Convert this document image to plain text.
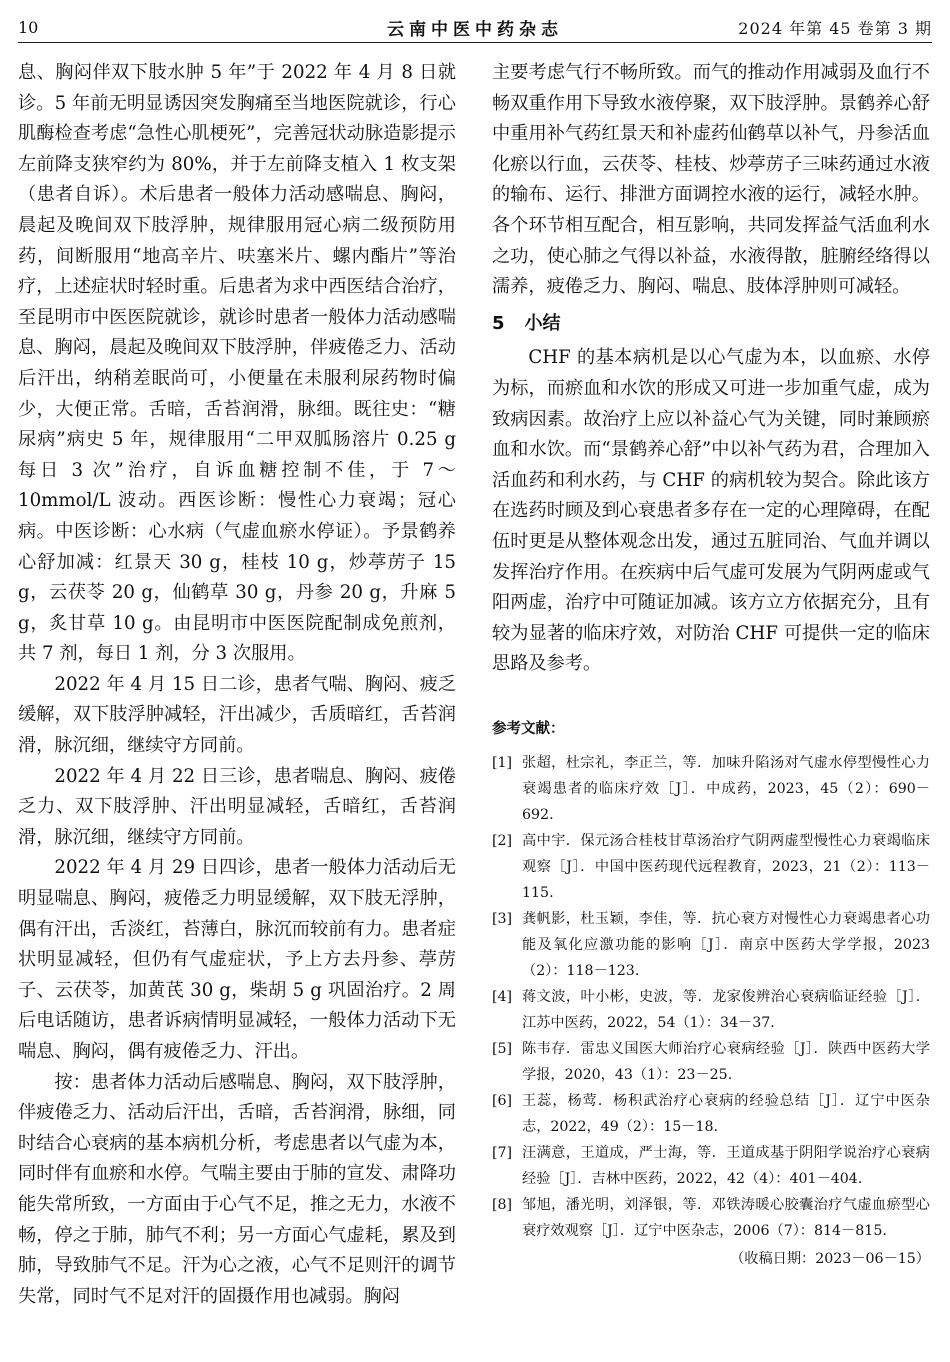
10	云南中医中药杂志	2024 年第 45 卷第 3 期

息、胸闷伴双下肢水肿 5 年”于 2022 年 4 月 8 日就诊。5 年前无明显诱因突发胸痛至当地医院就诊，行心肌酶检查考虑“急性心肌梗死”，完善冠状动脉造影提示左前降支狭窄约为 80%，并于左前降支植入 1 枚支架（患者自诉）。术后患者一般体力活动感喘息、胸闷，晨起及晚间双下肢浮肿，规律服用冠心病二级预防用药，间断服用“地高辛片、呋塞米片、螺内酯片”等治疗，上述症状时轻时重。后患者为求中西医结合治疗，至昆明市中医医院就诊，就诊时患者一般体力活动感喘息、胸闷，晨起及晚间双下肢浮肿，伴疲倦乏力、活动后汗出，纳稍差眠尚可，小便量在未服利尿药物时偏少，大便正常。舌暗，舌苔润滑，脉细。既往史：“糖尿病”病史 5 年，规律服用“二甲双胍肠溶片 0.25 g 每日 3 次”治疗，自诉血糖控制不佳，于 7～10mmol/L 波动。西医诊断：慢性心力衰竭；冠心病。中医诊断：心水病（气虚血瘀水停证）。予景鹤养心舒加减：红景天 30 g，桂枝 10 g，炒葶苈子 15 g，云茯苓 20 g，仙鹤草 30 g，丹参 20 g，升麻 5 g，炙甘草 10 g。由昆明市中医医院配制成免煎剂，共 7 剂，每日 1 剂，分 3 次服用。

2022 年 4 月 15 日二诊，患者气喘、胸闷、疲乏缓解，双下肢浮肿减轻，汗出减少，舌质暗红，舌苔润滑，脉沉细，继续守方同前。

2022 年 4 月 22 日三诊，患者喘息、胸闷、疲倦乏力、双下肢浮肿、汗出明显减轻，舌暗红，舌苔润滑，脉沉细，继续守方同前。

2022 年 4 月 29 日四诊，患者一般体力活动后无明显喘息、胸闷，疲倦乏力明显缓解，双下肢无浮肿，偶有汗出，舌淡红，苔薄白，脉沉而较前有力。患者症状明显减轻，但仍有气虚症状，予上方去丹参、葶苈子、云茯苓，加黄芪 30 g，柴胡 5 g 巩固治疗。2 周后电话随访，患者诉病情明显减轻，一般体力活动下无喘息、胸闷，偶有疲倦乏力、汗出。

按：患者体力活动后感喘息、胸闷，双下肢浮肿，伴疲倦乏力、活动后汗出，舌暗，舌苔润滑，脉细，同时结合心衰病的基本病机分析，考虑患者以气虚为本，同时伴有血瘀和水停。气喘主要由于肺的宣发、肃降功能失常所致，一方面由于心气不足，推之无力，水液不畅，停之于肺，肺气不利；另一方面心气虚耗，累及到肺，导致肺气不足。汗为心之液，心气不足则汗的调节失常，同时气不足对汗的固摄作用也减弱。胸闷

主要考虑气行不畅所致。而气的推动作用减弱及血行不畅双重作用下导致水液停聚，双下肢浮肿。景鹤养心舒中重用补气药红景天和补虚药仙鹤草以补气，丹参活血化瘀以行血，云茯苓、桂枝、炒葶苈子三味药通过水液的输布、运行、排泄方面调控水液的运行，减轻水肿。各个环节相互配合，相互影响，共同发挥益气活血利水之功，使心肺之气得以补益，水液得散，脏腑经络得以濡养，疲倦乏力、胸闷、喘息、肢体浮肿则可减轻。

5 小结

CHF 的基本病机是以心气虚为本，以血瘀、水停为标，而瘀血和水饮的形成又可进一步加重气虚，成为致病因素。故治疗上应以补益心气为关键，同时兼顾瘀血和水饮。而“景鹤养心舒”中以补气药为君，合理加入活血药和利水药，与 CHF 的病机较为契合。除此该方在选药时顾及到心衰患者多存在一定的心理障碍，在配伍时更是从整体观念出发，通过五脏同治、气血并调以发挥治疗作用。在疾病中后气虚可发展为气阴两虚或气阳两虚，治疗中可随证加减。该方立方依据充分，且有较为显著的临床疗效，对防治 CHF 可提供一定的临床思路及参考。

参考文献：

[1] 张超，杜宗礼，李正兰，等．加味升陷汤对气虚水停型慢性心力衰竭患者的临床疗效［J］．中成药，2023，45（2）：690－692.
[2] 高中宇．保元汤合桂枝甘草汤治疗气阴两虚型慢性心力衰竭临床观察［J］．中国中医药现代远程教育，2023，21（2）：113－115.
[3] 龚帆影，杜玉颖，李佳，等．抗心衰方对慢性心力衰竭患者心功能及氧化应激功能的影响［J］．南京中医药大学学报，2023（2）：118－123.
[4] 蒋文波，叶小彬，史波，等．龙家俊辨治心衰病临证经验［J］．江苏中医药，2022，54（1）：34－37.
[5] 陈韦存．雷忠义国医大师治疗心衰病经验［J］．陕西中医药大学学报，2020，43（1）：23－25.
[6] 王蕊，杨莺．杨积武治疗心衰病的经验总结［J］．辽宁中医杂志，2022，49（2）：15－18.
[7] 汪满意，王道成，严士海，等．王道成基于阴阳学说治疗心衰病经验［J］．吉林中医药，2022，42（4）：401－404.
[8] 邹旭，潘光明，刘泽银，等．邓铁涛暖心胶囊治疗气虚血瘀型心衰疗效观察［J］．辽宁中医杂志，2006（7）：814－815.
（收稿日期：2023－06－15）
